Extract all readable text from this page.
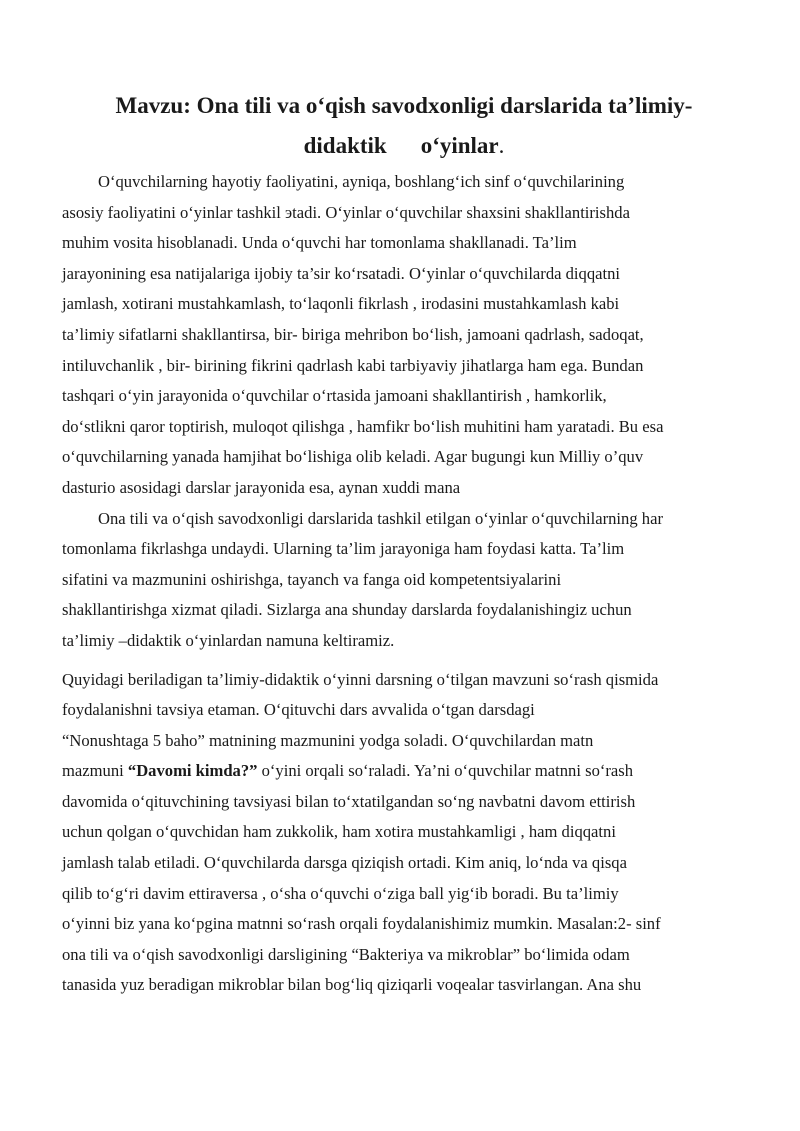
Mavzu: Ona tili va o‘qish savodxonligi darslarida ta’limiy-
didaktik o‘yinlar.

O‘quvchilarning hayotiy faoliyatini, ayniqa, boshlang‘ich sinf o‘quvchilarining
asosiy faoliyatini o‘yinlar tashkil эtadi. O‘yinlar o‘quvchilar shaxsini shakllantirishda
muhim vosita hisoblanadi. Unda o‘quvchi har tomonlama shakllanadi. Ta’lim
jarayonining esa natijalariga ijobiy ta’sir ko‘rsatadi. O‘yinlar o‘quvchilarda diqqatni
jamlash, xotirani mustahkamlash, to‘laqonli fikrlash , irodasini mustahkamlash kabi
ta’limiy sifatlarni shakllantirsa, bir- biriga mehribon bo‘lish, jamoani qadrlash, sadoqat,
intiluvchanlik , bir- birining fikrini qadrlash kabi tarbiyaviy jihatlarga ham ega. Bundan
tashqari o‘yin jarayonida o‘quvchilar o‘rtasida jamoani shakllantirish , hamkorlik,
do‘stlikni qaror toptirish, muloqot qilishga , hamfikr bo‘lish muhitini ham yaratadi. Bu esa
o‘quvchilarning yanada hamjihat bo‘lishiga olib keladi. Agar bugungi kun Milliy o’quv
dasturio asosidagi darslar jarayonida esa, aynan xuddi mana

Ona tili va o‘qish savodxonligi darslarida tashkil etilgan o‘yinlar o‘quvchilarning har
tomonlama fikrlashga undaydi. Ularning ta’lim jarayoniga ham foydasi katta. Ta’lim
sifatini va mazmunini oshirishga, tayanch va fanga oid kompetentsiyalarini
shakllantirishga xizmat qiladi. Sizlarga ana shunday darslarda foydalanishingiz uchun
ta’limiy –didaktik o‘yinlardan namuna keltiramiz.

Quyidagi beriladigan ta’limiy-didaktik o‘yinni darsning o‘tilgan mavzuni so‘rash qismida
foydalanishni tavsiya etaman. O‘qituvchi dars avvalida o‘tgan darsdagi
“Nonushtaga 5 baho” matnining mazmunini yodga soladi. O‘quvchilardan matn
mazmuni “Davomi kimda?” o‘yini orqali so‘raladi. Ya’ni o‘quvchilar matnni so‘rash
davomida o‘qituvchining tavsiyasi bilan to‘xtatilgandan so‘ng navbatni davom ettirish
uchun qolgan o‘quvchidan ham zukkolik, ham xotira mustahkamligi , ham diqqatni
jamlash talab etiladi. O‘quvchilarda darsga qiziqish ortadi. Kim aniq, lo‘nda va qisqa
qilib to‘g‘ri davim ettiraversa , o‘sha o‘quvchi o‘ziga ball yig‘ib boradi. Bu ta’limiy
o‘yinni biz yana ko‘pgina matnni so‘rash orqali foydalanishimiz mumkin. Masalan:2- sinf
ona tili va o‘qish savodxonligi darsligining “Bakteriya va mikroblar” bo‘limida odam
tanasida yuz beradigan mikroblar bilan bog‘liq qiziqarli voqealar tasvirlangan. Ana shu
